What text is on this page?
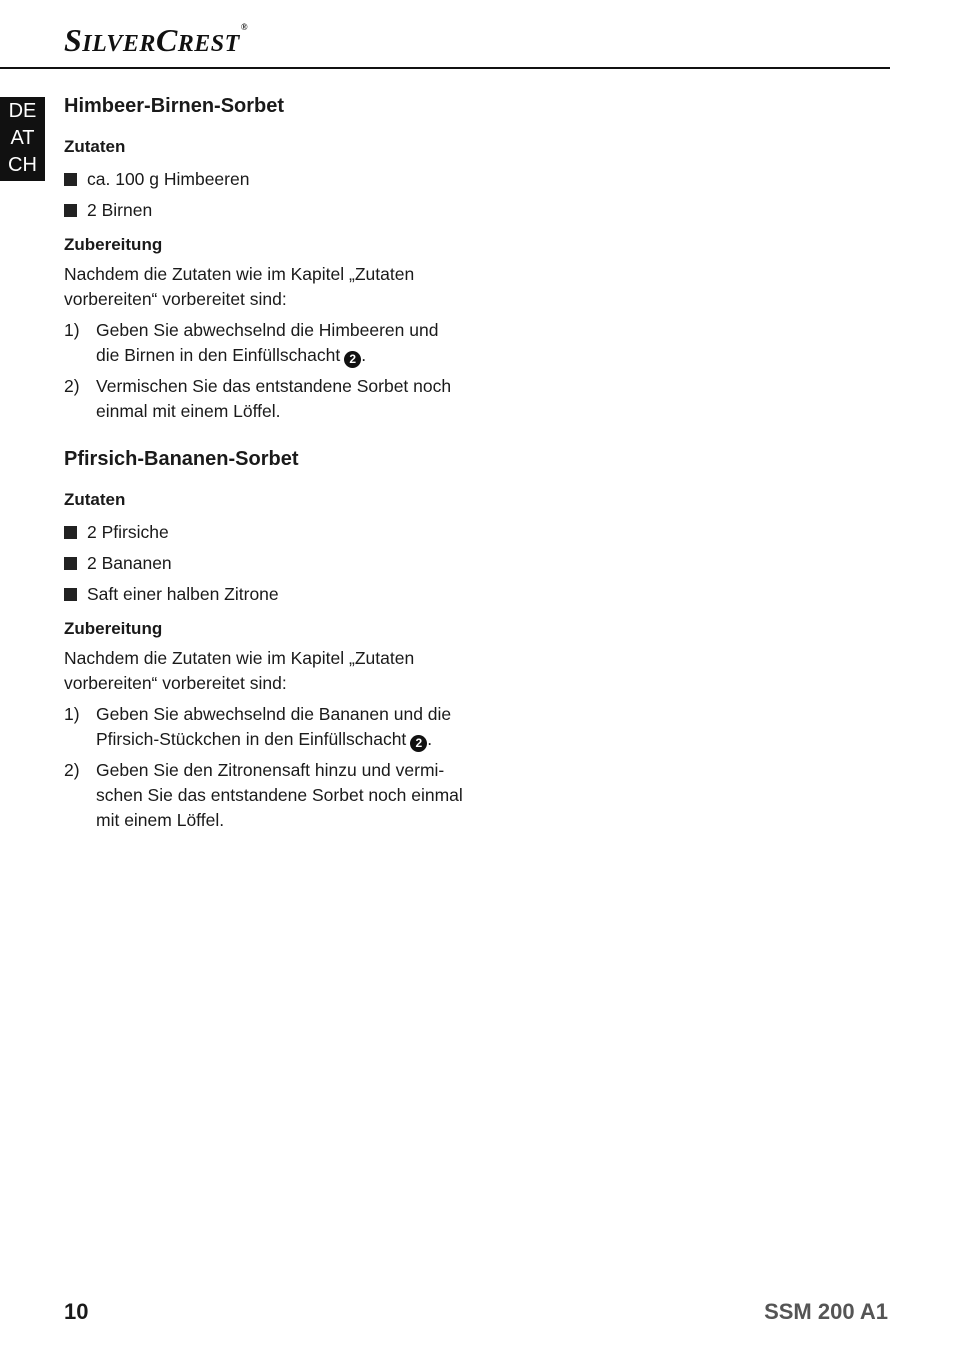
SILVERCREST®
DE
AT
CH
Himbeer-Birnen-Sorbet
Zutaten
ca. 100 g Himbeeren
2 Birnen
Zubereitung

Nachdem die Zutaten wie im Kapitel „Zutaten vorbereiten“ vorbereitet sind:

1) Geben Sie abwechselnd die Himbeeren und die Birnen in den Einfüllschacht 2 .
2) Vermischen Sie das entstandene Sorbet noch einmal mit einem Löffel.
Pfirsich-Bananen-Sorbet
Zutaten
2 Pfirsiche
2 Bananen
Saft einer halben Zitrone
Zubereitung

Nachdem die Zutaten wie im Kapitel „Zutaten vorbereiten“ vorbereitet sind:

1) Geben Sie abwechselnd die Bananen und die Pfirsich-Stückchen in den Einfüllschacht 2 .
2) Geben Sie den Zitronensaft hinzu und vermi-schen Sie das entstandene Sorbet noch einmal mit einem Löffel.
10	SSM 200 A1
